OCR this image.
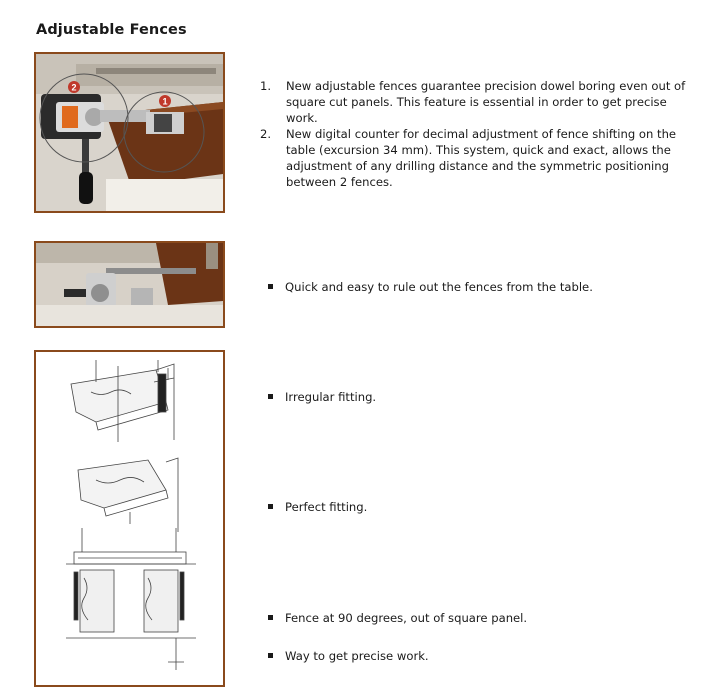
Adjustable Fences
2
1
1. New adjustable fences guarantee precision dowel boring even out of square cut panels. This feature is essential in order to get precise work.
2. New digital counter for decimal adjustment of fence shifting on the table (excursion 34 mm). This system, quick and exact, allows the adjustment of any drilling distance and the symmetric positioning between 2 fences.
Quick and easy to rule out the fences from the table.
Irregular fitting.
Perfect fitting.
Fence at 90 degrees, out of square panel.
Way to get precise work.
